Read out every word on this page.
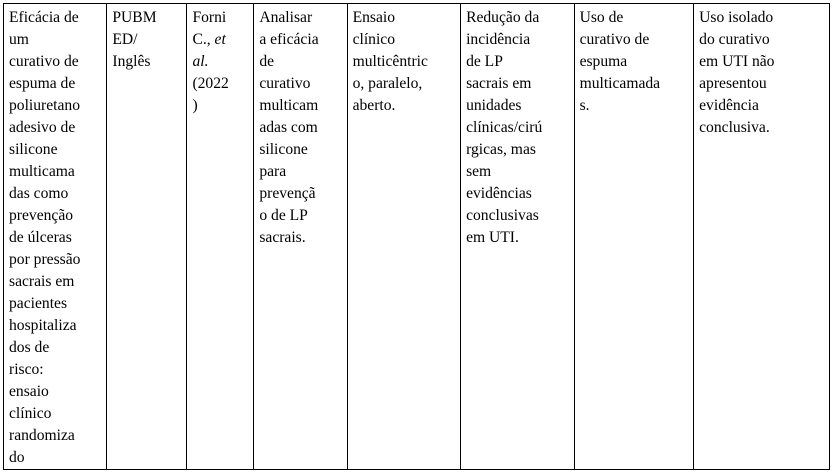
Eficácia de
um
curativo de
espuma de
poliuretano
adesivo de
silicone
multicama
das como
prevenção
de úlceras
por pressão
sacrais em
pacientes
hospitaliza
dos de
risco:
ensaio
clínico
randomiza
do

PUBM
ED/
Inglês

Forni
C., et
al.
(2022
)

Analisar
a eficácia
de
curativo
multicam
adas com
silicone
para
prevençã
o de LP
sacrais.

Ensaio
clínico
multicêntric
o, paralelo,
aberto.

Redução da
incidência
de LP
sacrais em
unidades
clínicas/cirú
rgicas, mas
sem
evidências
conclusivas
em UTI.

Uso de
curativo de
espuma
multicamada
s.

Uso isolado
do curativo
em UTI não
apresentou
evidência
conclusiva.
